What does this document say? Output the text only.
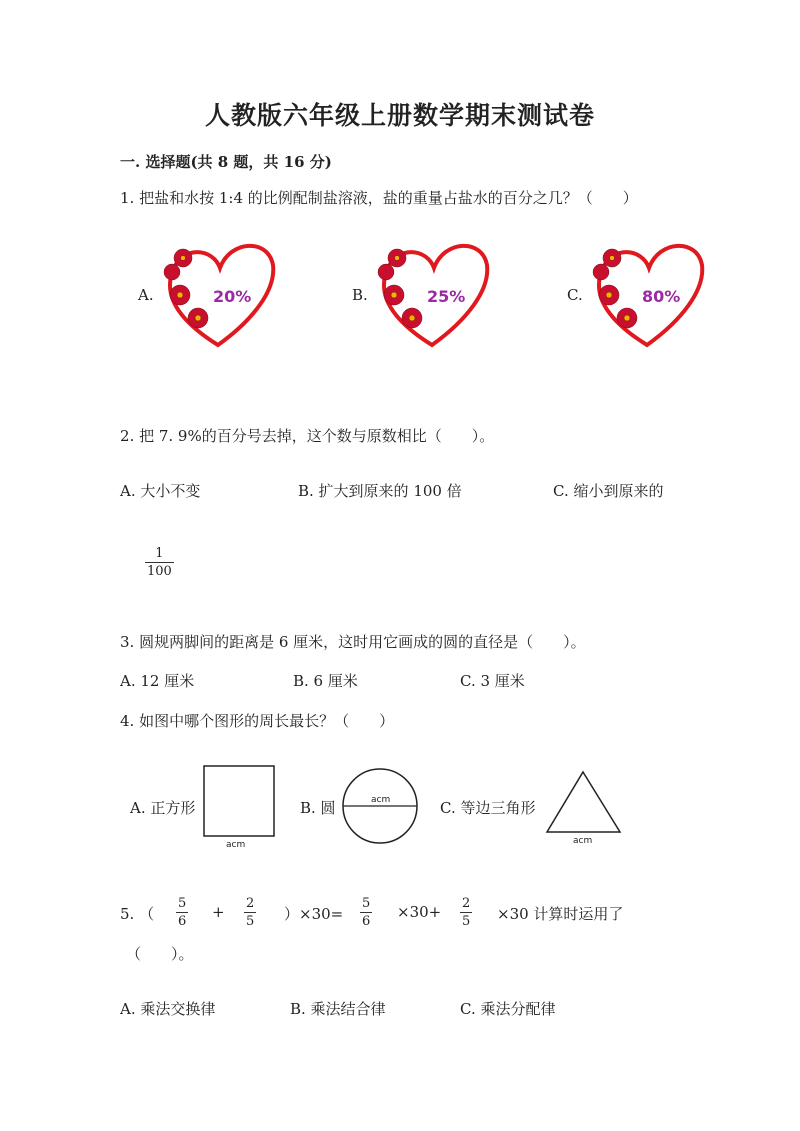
人教版六年级上册数学期末测试卷
一. 选择题(共 8 题，共 16 分)
1. 把盐和水按 1:4 的比例配制盐溶液，盐的重量占盐水的百分之几？（　　）
A.	20%	B.	25%	C.	80%
2. 把 7. 9%的百分号去掉，这个数与原数相比（　　）。
A. 大小不变	B. 扩大到原来的 100 倍	C. 缩小到原来的
1
100
3. 圆规两脚间的距离是 6 厘米，这时用它画成的圆的直径是（　　）。
A. 12 厘米	B. 6 厘米	C. 3 厘米
4. 如图中哪个图形的周长最长？（　　）
A. 正方形
acm
B. 圆	acm	C. 等边三角形
acm
5. （
5
6
+ 2
5 ）×30=
5
6
×30+ 2
5 ×30 计算时运用了
（　　）。
A. 乘法交换律	B. 乘法结合律	C. 乘法分配律
